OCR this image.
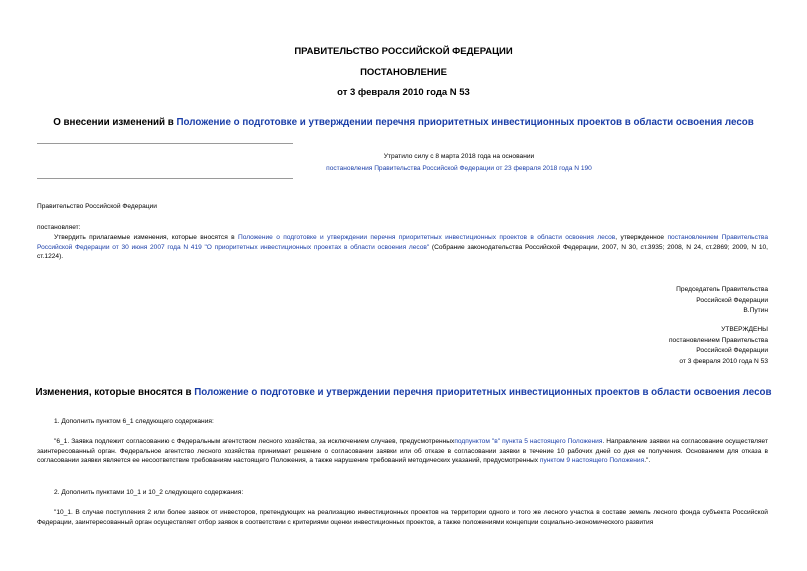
ПРАВИТЕЛЬСТВО РОССИЙСКОЙ ФЕДЕРАЦИИ
ПОСТАНОВЛЕНИЕ
от 3 февраля 2010 года N 53
О внесении изменений в Положение о подготовке и утверждении перечня приоритетных инвестиционных проектов в области освоения лесов
Утратило силу с 8 марта 2018 года на основании
постановления Правительства Российской Федерации от 23 февраля 2018 года N 190
Правительство Российской Федерации
постановляет:
Утвердить прилагаемые изменения, которые вносятся в Положение о подготовке и утверждении перечня приоритетных инвестиционных проектов в области освоения лесов, утвержденное постановлением Правительства Российской Федерации от 30 июня 2007 года N 419 "О приоритетных инвестиционных проектах в области освоения лесов" (Собрание законодательства Российской Федерации, 2007, N 30, ст.3935; 2008, N 24, ст.2869; 2009, N 10, ст.1224).
Председатель Правительства
Российской Федерации
В.Путин
УТВЕРЖДЕНЫ
постановлением Правительства
Российской Федерации
от 3 февраля 2010 года N 53
Изменения, которые вносятся в Положение о подготовке и утверждении перечня приоритетных инвестиционных проектов в области освоения лесов
1. Дополнить пунктом 6_1 следующего содержания:
"6_1. Заявка подлежит согласованию с Федеральным агентством лесного хозяйства, за исключением случаев, предусмотренныхподпунктом "в" пункта 5 настоящего Положения. Направление заявки на согласование осуществляет заинтересованный орган. Федеральное агентство лесного хозяйства принимает решение о согласовании заявки или об отказе в согласовании заявки в течение 10 рабочих дней со дня ее получения. Основанием для отказа в согласовании заявки является ее несоответствие требованиям настоящего Положения, а также нарушение требований методических указаний, предусмотренных пунктом 9 настоящего Положения.".
2. Дополнить пунктами 10_1 и 10_2 следующего содержания:
"10_1. В случае поступления 2 или более заявок от инвесторов, претендующих на реализацию инвестиционных проектов на территории одного и того же лесного участка в составе земель лесного фонда субъекта Российской Федерации, заинтересованный орган осуществляет отбор заявок в соответствии с критериями оценки инвестиционных проектов, а также положениями концепции социально-экономического развития
